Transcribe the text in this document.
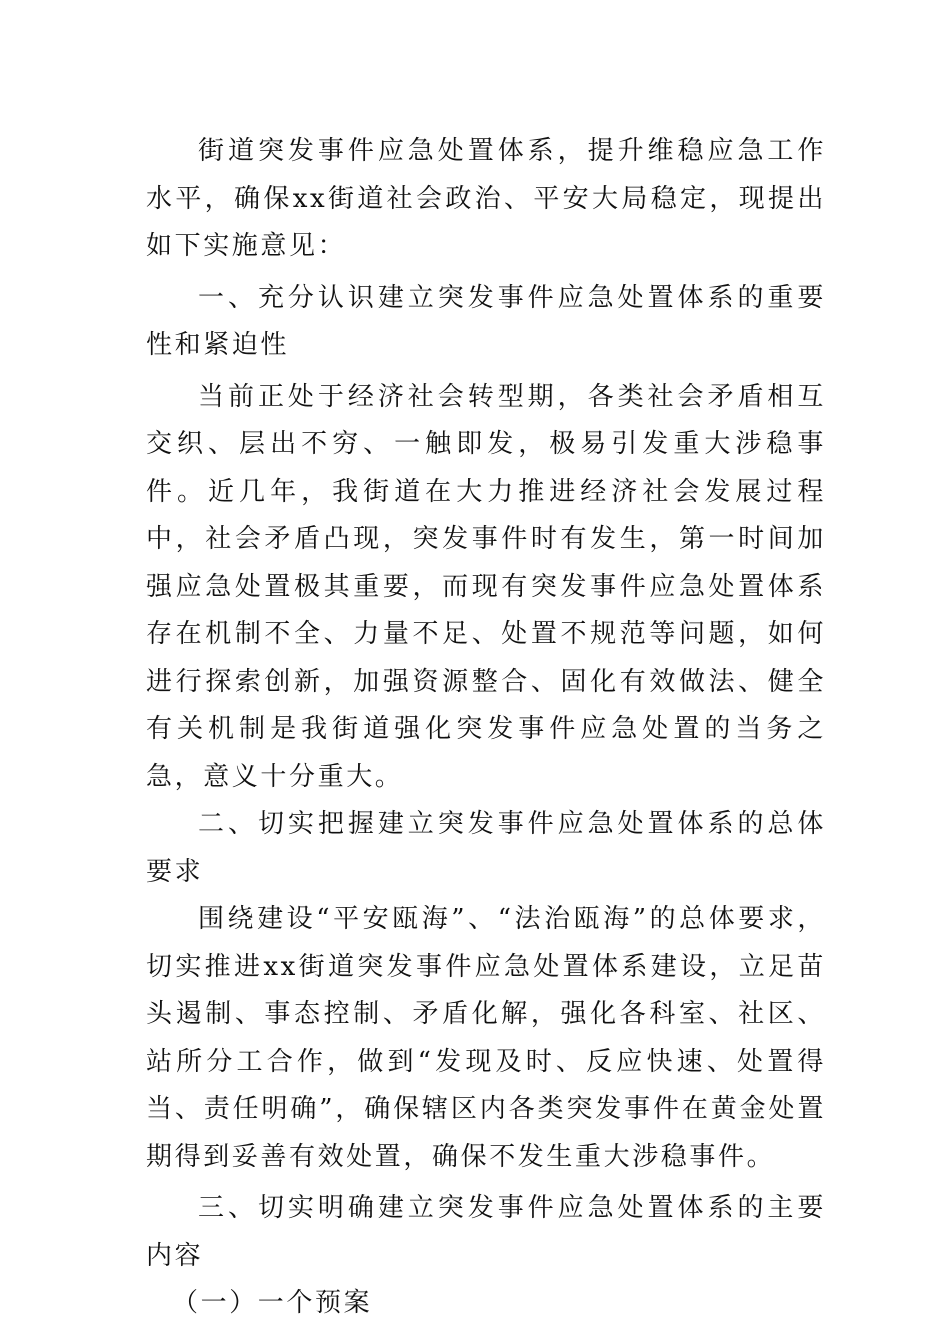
街道突发事件应急处置体系，提升维稳应急工作水平，确保xx街道社会政治、平安大局稳定，现提出如下实施意见：

一、充分认识建立突发事件应急处置体系的重要性和紧迫性

当前正处于经济社会转型期，各类社会矛盾相互交织、层出不穷、一触即发，极易引发重大涉稳事件。近几年，我街道在大力推进经济社会发展过程中，社会矛盾凸现，突发事件时有发生，第一时间加强应急处置极其重要，而现有突发事件应急处置体系存在机制不全、力量不足、处置不规范等问题，如何进行探索创新，加强资源整合、固化有效做法、健全有关机制是我街道强化突发事件应急处置的当务之急，意义十分重大。

二、切实把握建立突发事件应急处置体系的总体要求

围绕建设“平安瓯海”、“法治瓯海”的总体要求，切实推进xx街道突发事件应急处置体系建设，立足苗头遏制、事态控制、矛盾化解，强化各科室、社区、站所分工合作，做到“发现及时、反应快速、处置得当、责任明确”，确保辖区内各类突发事件在黄金处置期得到妥善有效处置，确保不发生重大涉稳事件。

三、切实明确建立突发事件应急处置体系的主要内容

（一）一个预案
